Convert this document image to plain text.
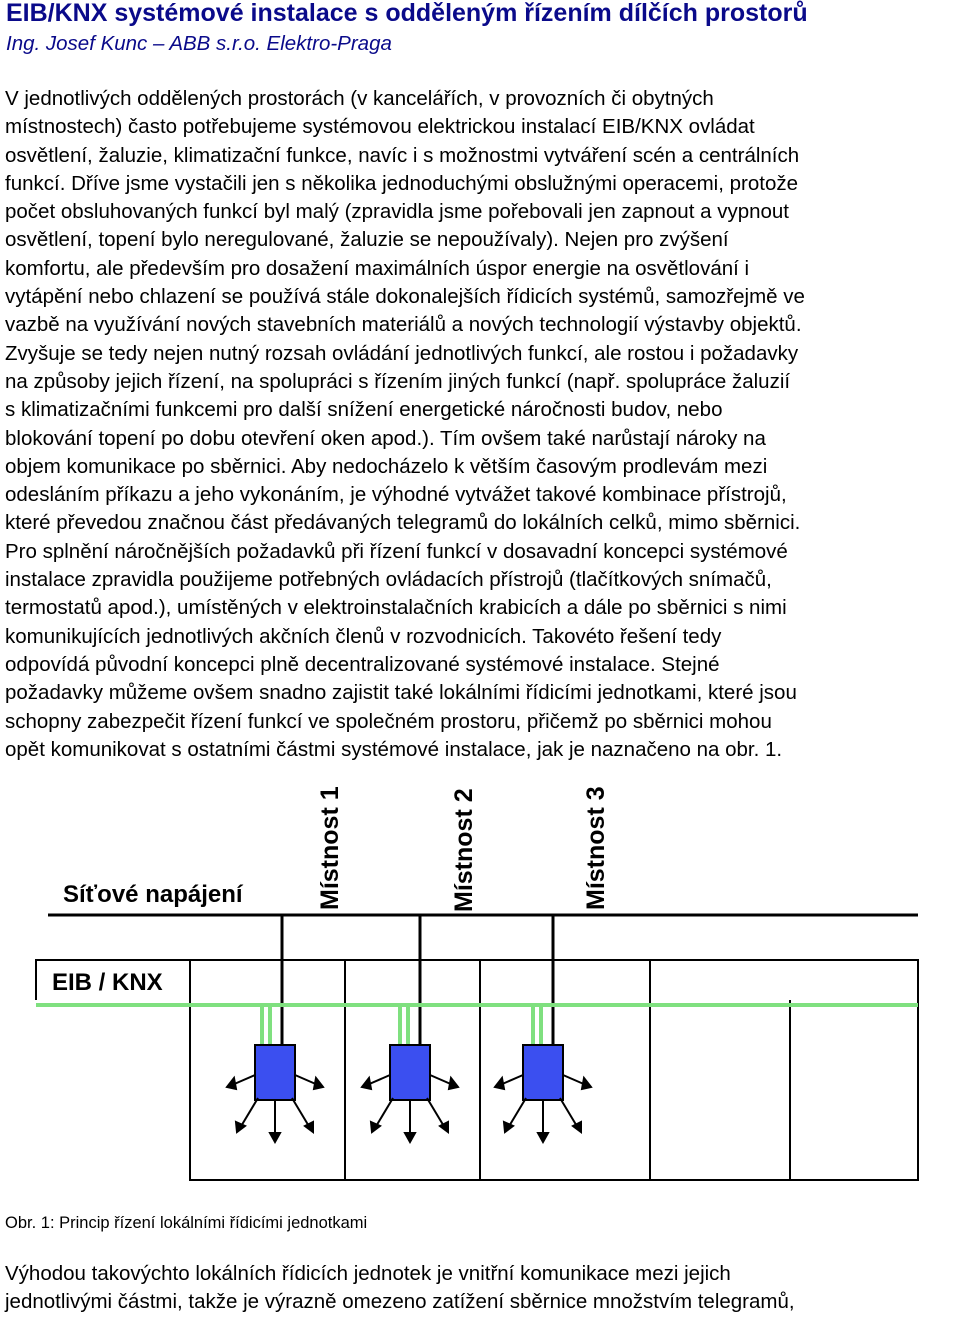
EIB/KNX systémové instalace s odděleným řízením dílčích prostorů

Ing. Josef Kunc – ABB s.r.o. Elektro-Praga

V jednotlivých oddělených prostorách (v kancelářích, v provozních či obytných
místnostech) často potřebujeme systémovou elektrickou instalací EIB/KNX ovládat
osvětlení, žaluzie, klimatizační funkce, navíc i s možnostmi vytváření scén a centrálních
funkcí. Dříve jsme vystačili jen s několika jednoduchými obslužnými operacemi, protože
počet obsluhovaných funkcí byl malý (zpravidla jsme pořebovali jen zapnout a vypnout
osvětlení, topení bylo neregulované, žaluzie se nepoužívaly). Nejen pro zvýšení
komfortu, ale především pro dosažení maximálních úspor energie na osvětlování i
vytápění nebo chlazení se používá stále dokonalejších řídicích systémů, samozřejmě ve
vazbě na využívání nových stavebních materiálů a nových technologií výstavby objektů.
Zvyšuje se tedy nejen nutný rozsah ovládání jednotlivých funkcí, ale rostou i požadavky
na způsoby jejich řízení, na spolupráci s řízením jiných funkcí (např. spolupráce žaluzií
s klimatizačními funkcemi pro další snížení energetické náročnosti budov, nebo
blokování topení po dobu otevření oken apod.). Tím ovšem také narůstají nároky na
objem komunikace po sběrnici. Aby nedocházelo k větším časovým prodlevám mezi
odesláním příkazu a jeho vykonáním, je výhodné vytvážet takové kombinace přístrojů,
které převedou značnou část předávaných telegramů do lokálních celků, mimo sběrnici.
Pro splnění náročnějších požadavků při řízení funkcí v dosavadní koncepci systémové
instalace zpravidla použijeme potřebných ovládacích přístrojů (tlačítkových snímačů,
termostatů apod.), umístěných v elektroinstalačních krabicích a dále po sběrnici s nimi
komunikujících jednotlivých akčních členů v rozvodnicích. Takovéto řešení tedy
odpovídá původní koncepci plně decentralizované systémové instalace. Stejné
požadavky můžeme ovšem snadno zajistit také lokálními řídicími jednotkami, které jsou
schopny zabezpečit řízení funkcí ve společném prostoru, přičemž po sběrnici mohou
opět komunikovat s ostatními částmi systémové instalace, jak je naznačeno na obr. 1.

Síťové napájení
EIB / KNX
Místnost 1	Místnost 2	Místnost 3

Obr. 1: Princip řízení lokálními řídicími jednotkami

Výhodou takovýchto lokálních řídicích jednotek je vnitřní komunikace mezi jejich
jednotlivými částmi, takže je výrazně omezeno zatížení sběrnice množstvím telegramů,
